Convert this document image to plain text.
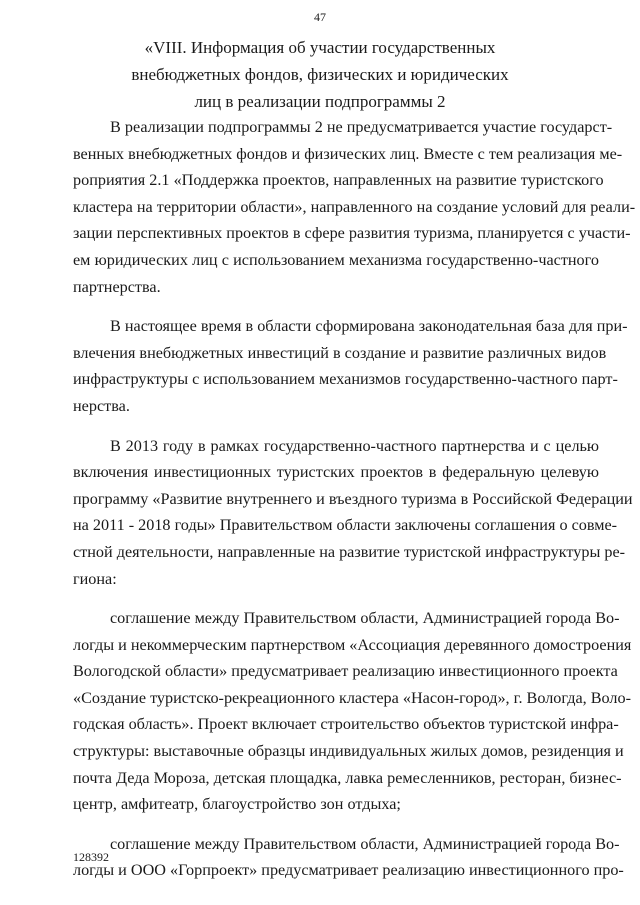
47
«VIII. Информация об участии государственных
внебюджетных фондов, физических и юридических
лиц в реализации подпрограммы 2
В реализации подпрограммы 2 не предусматривается участие государст-
венных внебюджетных фондов и физических лиц. Вместе с тем реализация ме-
роприятия 2.1 «Поддержка проектов, направленных на развитие туристского
кластера на территории области», направленного на создание условий для реали-
зации перспективных проектов в сфере развития туризма, планируется с участи-
ем юридических лиц с использованием механизма государственно-частного
партнерства.
В настоящее время в области сформирована законодательная база для при-
влечения внебюджетных инвестиций в создание и развитие различных видов
инфраструктуры с использованием механизмов государственно-частного парт-
нерства.
В 2013 году в рамках государственно-частного партнерства и с целью
включения инвестиционных туристских проектов в федеральную целевую
программу «Развитие внутреннего и въездного туризма в Российской Федерации
на 2011 - 2018 годы» Правительством области заключены соглашения о совме-
стной деятельности, направленные на развитие туристской инфраструктуры ре-
гиона:
соглашение между Правительством области, Администрацией города Во-
логды и некоммерческим партнерством «Ассоциация деревянного домостроения
Вологодской области» предусматривает реализацию инвестиционного проекта
«Создание туристско-рекреационного кластера «Насон-город», г. Вологда, Воло-
годская область». Проект включает строительство объектов туристской инфра-
структуры: выставочные образцы индивидуальных жилых домов, резиденция и
почта Деда Мороза, детская площадка, лавка ремесленников, ресторан, бизнес-
центр, амфитеатр, благоустройство зон отдыха;
соглашение между Правительством области, Администрацией города Во-
логды и ООО «Горпроект» предусматривает реализацию инвестиционного про-
128392
